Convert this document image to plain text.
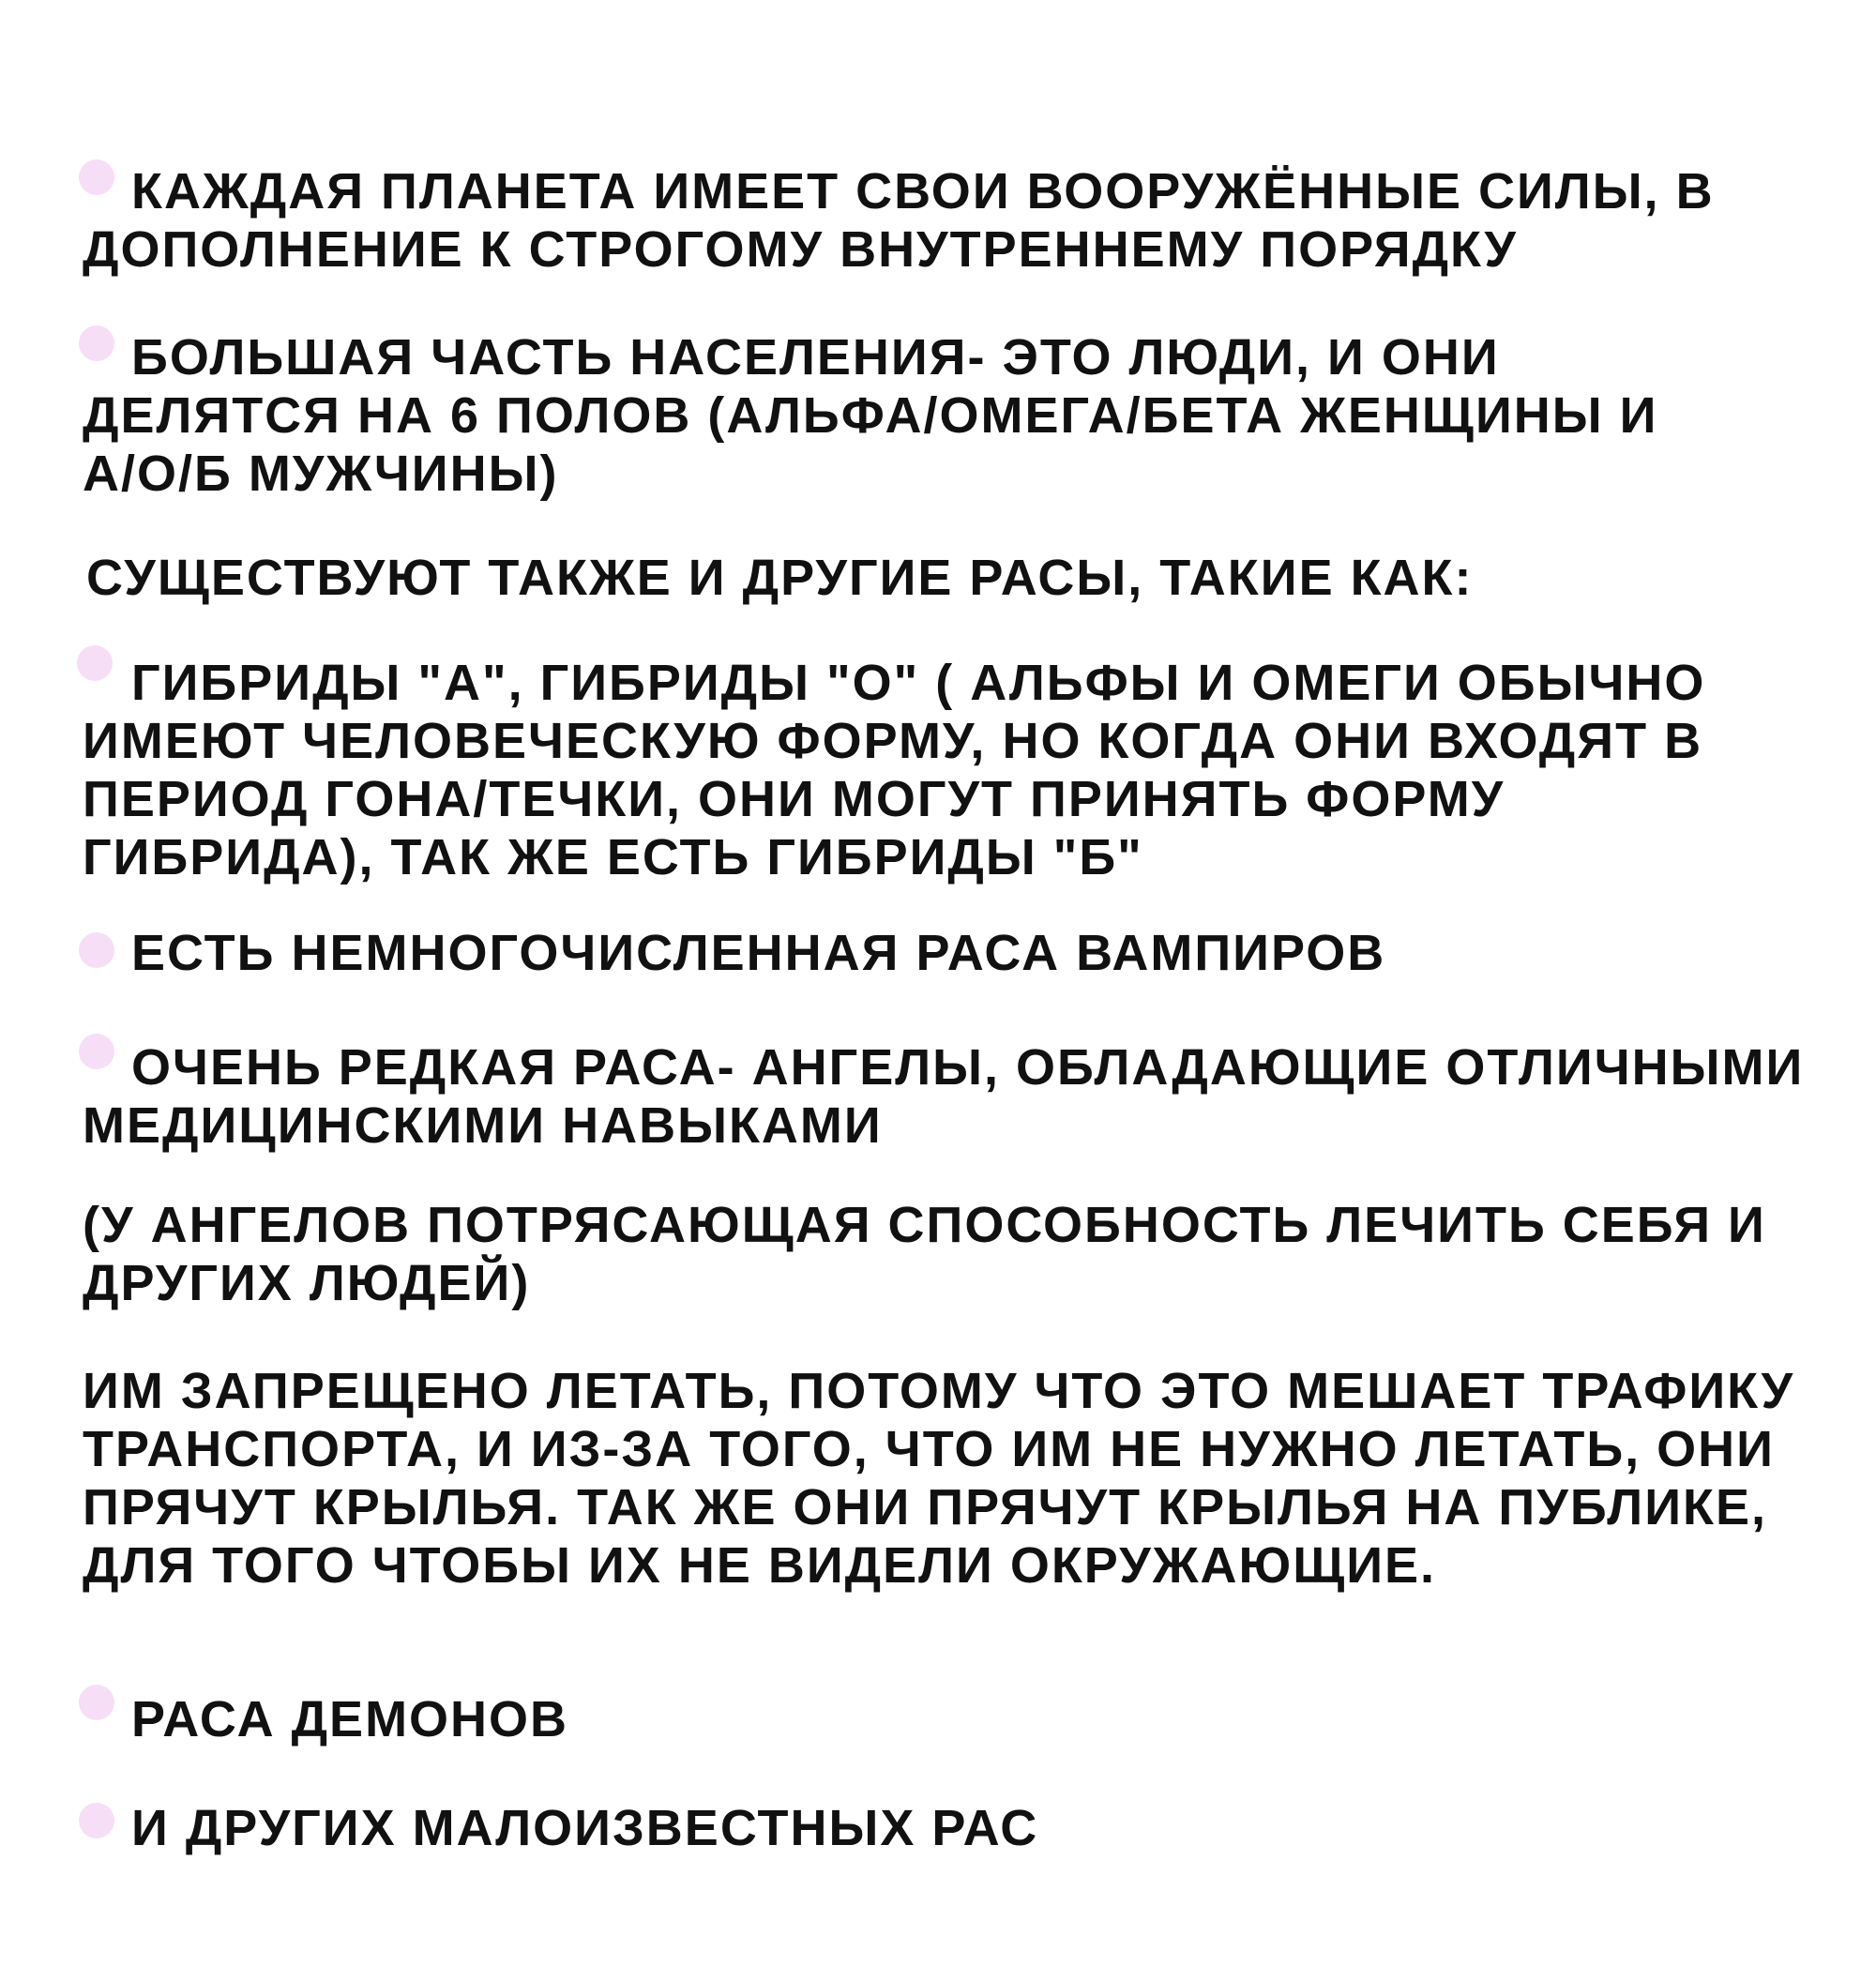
КАЖДАЯ ПЛАНЕТА ИМЕЕТ СВОИ ВООРУЖЁННЫЕ СИЛЫ, В
ДОПОЛНЕНИЕ К СТРОГОМУ ВНУТРЕННЕМУ ПОРЯДКУ
БОЛЬШАЯ ЧАСТЬ НАСЕЛЕНИЯ- ЭТО ЛЮДИ, И ОНИ
ДЕЛЯТСЯ НА 6 ПОЛОВ (АЛЬФА/ОМЕГА/БЕТА ЖЕНЩИНЫ И
А/О/Б МУЖЧИНЫ)
СУЩЕСТВУЮТ ТАКЖЕ И ДРУГИЕ РАСЫ, ТАКИЕ КАК:
ГИБРИДЫ "А", ГИБРИДЫ "О" ( АЛЬФЫ И ОМЕГИ ОБЫЧНО
ИМЕЮТ ЧЕЛОВЕЧЕСКУЮ ФОРМУ, НО КОГДА ОНИ ВХОДЯТ В
ПЕРИОД ГОНА/ТЕЧКИ, ОНИ МОГУТ ПРИНЯТЬ ФОРМУ
ГИБРИДА), ТАК ЖЕ ЕСТЬ ГИБРИДЫ "Б"
ЕСТЬ НЕМНОГОЧИСЛЕННАЯ РАСА ВАМПИРОВ
ОЧЕНЬ РЕДКАЯ РАСА- АНГЕЛЫ, ОБЛАДАЮЩИЕ ОТЛИЧНЫМИ
МЕДИЦИНСКИМИ НАВЫКАМИ
(У АНГЕЛОВ ПОТРЯСАЮЩАЯ СПОСОБНОСТЬ ЛЕЧИТЬ СЕБЯ И
ДРУГИХ ЛЮДЕЙ)
ИМ ЗАПРЕЩЕНО ЛЕТАТЬ, ПОТОМУ ЧТО ЭТО МЕШАЕТ ТРАФИКУ
ТРАНСПОРТА, И ИЗ-ЗА ТОГО, ЧТО ИМ НЕ НУЖНО ЛЕТАТЬ, ОНИ
ПРЯЧУТ КРЫЛЬЯ. ТАК ЖЕ ОНИ ПРЯЧУТ КРЫЛЬЯ НА ПУБЛИКЕ,
ДЛЯ ТОГО ЧТОБЫ ИХ НЕ ВИДЕЛИ ОКРУЖАЮЩИЕ.
РАСА ДЕМОНОВ
И ДРУГИХ МАЛОИЗВЕСТНЫХ РАС
